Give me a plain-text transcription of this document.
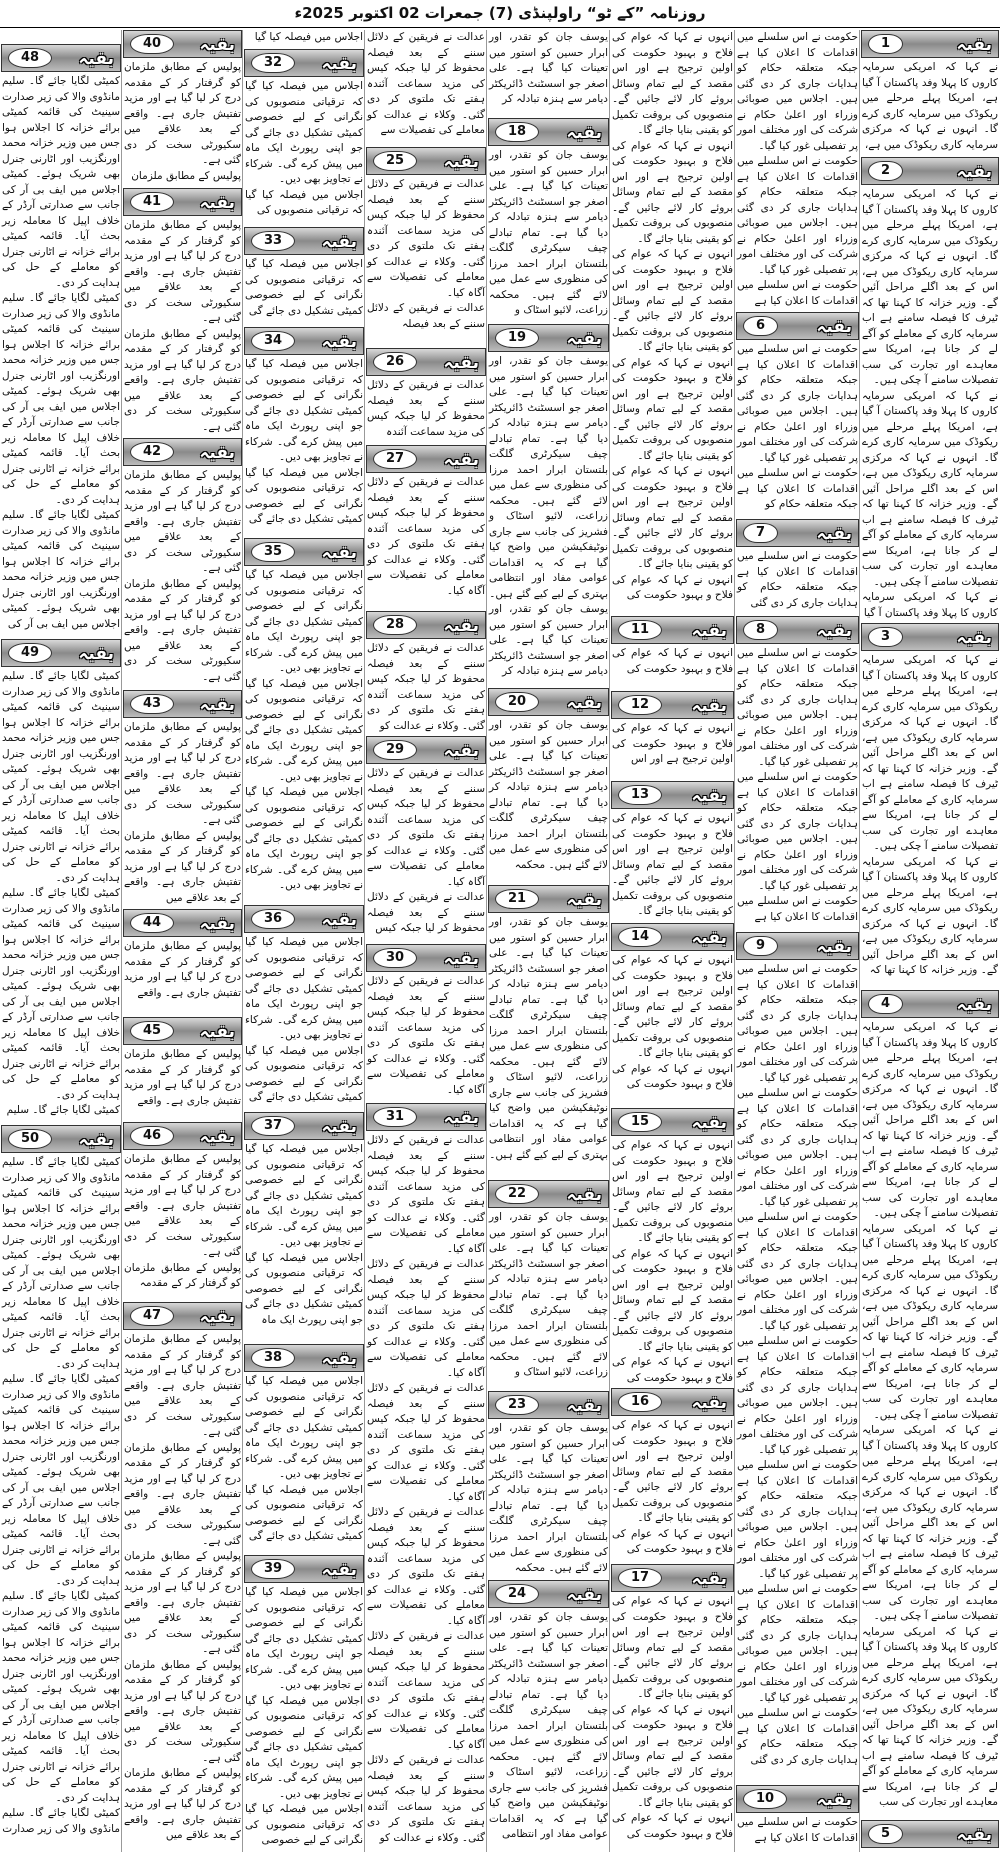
روزنامہ ”کے ٹو“ راولپنڈی (7) جمعرات 02 اکتوبر 2025ء

نے کہا کہ امریکی سرمایہ کاروں کا پہلا وفد پاکستان آ گیا ہے، امریکا پہلے مرحلے میں ریکوڈک میں سرمایہ کاری کرے گا۔ انہوں نے کہا کہ مرکزی سرمایہ کاری ریکوڈک میں ہے،

نے کہا کہ امریکی سرمایہ کاروں کا پہلا وفد پاکستان آ گیا ہے، امریکا پہلے مرحلے میں ریکوڈک میں سرمایہ کاری کرے گا۔ انہوں نے کہا کہ مرکزی سرمایہ کاری ریکوڈک میں ہے، اس کے بعد اگلے مراحل آئیں گے۔ وزیر خزانہ کا کہنا تھا کہ ٹیرف کا فیصلہ سامنے ہے اب سرمایہ کاری کے معاملے کو آگے لے کر جانا ہے، امریکا سے معاہدے اور تجارت کی سب تفصیلات سامنے آ چکی ہیں۔

نے کہا کہ امریکی سرمایہ کاروں کا پہلا وفد پاکستان آ گیا ہے، امریکا پہلے مرحلے میں ریکوڈک میں سرمایہ کاری کرے گا۔ انہوں نے کہا کہ مرکزی سرمایہ کاری ریکوڈک میں ہے، اس کے بعد اگلے مراحل آئیں گے۔ وزیر خزانہ کا کہنا تھا کہ ٹیرف کا فیصلہ سامنے ہے اب سرمایہ کاری کے معاملے کو آگے لے کر جانا ہے، امریکا سے معاہدے اور تجارت کی سب تفصیلات سامنے آ چکی ہیں۔

نے کہا کہ امریکی سرمایہ کاروں کا پہلا وفد پاکستان آ گیا

نے کہا کہ امریکی سرمایہ کاروں کا پہلا وفد پاکستان آ گیا ہے، امریکا پہلے مرحلے میں ریکوڈک میں سرمایہ کاری کرے گا۔ انہوں نے کہا کہ مرکزی سرمایہ کاری ریکوڈک میں ہے، اس کے بعد اگلے مراحل آئیں گے۔ وزیر خزانہ کا کہنا تھا کہ ٹیرف کا فیصلہ سامنے ہے اب سرمایہ کاری کے معاملے کو آگے لے کر جانا ہے، امریکا سے معاہدے اور تجارت کی سب تفصیلات سامنے آ چکی ہیں۔

نے کہا کہ امریکی سرمایہ کاروں کا پہلا وفد پاکستان آ گیا ہے، امریکا پہلے مرحلے میں ریکوڈک میں سرمایہ کاری کرے گا۔ انہوں نے کہا کہ مرکزی سرمایہ کاری ریکوڈک میں ہے، اس کے بعد اگلے مراحل آئیں گے۔ وزیر خزانہ کا کہنا تھا کہ

نے کہا کہ امریکی سرمایہ کاروں کا پہلا وفد پاکستان آ گیا ہے، امریکا پہلے مرحلے میں ریکوڈک میں سرمایہ کاری کرے گا۔ انہوں نے کہا کہ مرکزی سرمایہ کاری ریکوڈک میں ہے، اس کے بعد اگلے مراحل آئیں گے۔ وزیر خزانہ کا کہنا تھا کہ ٹیرف کا فیصلہ سامنے ہے اب سرمایہ کاری کے معاملے کو آگے لے کر جانا ہے، امریکا سے معاہدے اور تجارت کی سب تفصیلات سامنے آ چکی ہیں۔

نے کہا کہ امریکی سرمایہ کاروں کا پہلا وفد پاکستان آ گیا ہے، امریکا پہلے مرحلے میں ریکوڈک میں سرمایہ کاری کرے گا۔ انہوں نے کہا کہ مرکزی سرمایہ کاری ریکوڈک میں ہے، اس کے بعد اگلے مراحل آئیں گے۔ وزیر خزانہ کا کہنا تھا کہ ٹیرف کا فیصلہ سامنے ہے اب سرمایہ کاری کے معاملے کو آگے لے کر جانا ہے، امریکا سے معاہدے اور تجارت کی سب تفصیلات سامنے آ چکی ہیں۔

نے کہا کہ امریکی سرمایہ کاروں کا پہلا وفد پاکستان آ گیا ہے، امریکا پہلے مرحلے میں ریکوڈک میں سرمایہ کاری کرے گا۔ انہوں نے کہا کہ مرکزی سرمایہ کاری ریکوڈک میں ہے، اس کے بعد اگلے مراحل آئیں گے۔ وزیر خزانہ کا کہنا تھا کہ ٹیرف کا فیصلہ سامنے ہے اب سرمایہ کاری کے معاملے کو آگے لے کر جانا ہے، امریکا سے معاہدے اور تجارت کی سب تفصیلات سامنے آ چکی ہیں۔

نے کہا کہ امریکی سرمایہ کاروں کا پہلا وفد پاکستان آ گیا ہے، امریکا پہلے مرحلے میں ریکوڈک میں سرمایہ کاری کرے گا۔ انہوں نے کہا کہ مرکزی سرمایہ کاری ریکوڈک میں ہے، اس کے بعد اگلے مراحل آئیں گے۔ وزیر خزانہ کا کہنا تھا کہ ٹیرف کا فیصلہ سامنے ہے اب سرمایہ کاری کے معاملے کو آگے لے کر جانا ہے، امریکا سے معاہدے اور تجارت کی سب

بقیہ
1
بقیہ
2
بقیہ
3
بقیہ
4
بقیہ
5

حکومت نے اس سلسلے میں اقدامات کا اعلان کیا ہے جبکہ متعلقہ حکام کو ہدایات جاری کر دی گئی ہیں۔ اجلاس میں صوبائی وزراء اور اعلیٰ حکام نے شرکت کی اور مختلف امور پر تفصیلی غور کیا گیا۔

حکومت نے اس سلسلے میں اقدامات کا اعلان کیا ہے جبکہ متعلقہ حکام کو ہدایات جاری کر دی گئی ہیں۔ اجلاس میں صوبائی وزراء اور اعلیٰ حکام نے شرکت کی اور مختلف امور پر تفصیلی غور کیا گیا۔

حکومت نے اس سلسلے میں اقدامات کا اعلان کیا ہے

حکومت نے اس سلسلے میں اقدامات کا اعلان کیا ہے جبکہ متعلقہ حکام کو ہدایات جاری کر دی گئی ہیں۔ اجلاس میں صوبائی وزراء اور اعلیٰ حکام نے شرکت کی اور مختلف امور پر تفصیلی غور کیا گیا۔

حکومت نے اس سلسلے میں اقدامات کا اعلان کیا ہے جبکہ متعلقہ حکام کو

حکومت نے اس سلسلے میں اقدامات کا اعلان کیا ہے جبکہ متعلقہ حکام کو ہدایات جاری کر دی گئی

حکومت نے اس سلسلے میں اقدامات کا اعلان کیا ہے جبکہ متعلقہ حکام کو ہدایات جاری کر دی گئی ہیں۔ اجلاس میں صوبائی وزراء اور اعلیٰ حکام نے شرکت کی اور مختلف امور پر تفصیلی غور کیا گیا۔

حکومت نے اس سلسلے میں اقدامات کا اعلان کیا ہے جبکہ متعلقہ حکام کو ہدایات جاری کر دی گئی ہیں۔ اجلاس میں صوبائی وزراء اور اعلیٰ حکام نے شرکت کی اور مختلف امور پر تفصیلی غور کیا گیا۔

حکومت نے اس سلسلے میں اقدامات کا اعلان کیا ہے

حکومت نے اس سلسلے میں اقدامات کا اعلان کیا ہے جبکہ متعلقہ حکام کو ہدایات جاری کر دی گئی ہیں۔ اجلاس میں صوبائی وزراء اور اعلیٰ حکام نے شرکت کی اور مختلف امور پر تفصیلی غور کیا گیا۔

حکومت نے اس سلسلے میں اقدامات کا اعلان کیا ہے جبکہ متعلقہ حکام کو ہدایات جاری کر دی گئی ہیں۔ اجلاس میں صوبائی وزراء اور اعلیٰ حکام نے شرکت کی اور مختلف امور پر تفصیلی غور کیا گیا۔

حکومت نے اس سلسلے میں اقدامات کا اعلان کیا ہے جبکہ متعلقہ حکام کو ہدایات جاری کر دی گئی ہیں۔ اجلاس میں صوبائی وزراء اور اعلیٰ حکام نے شرکت کی اور مختلف امور پر تفصیلی غور کیا گیا۔

حکومت نے اس سلسلے میں اقدامات کا اعلان کیا ہے جبکہ متعلقہ حکام کو ہدایات جاری کر دی گئی ہیں۔ اجلاس میں صوبائی وزراء اور اعلیٰ حکام نے شرکت کی اور مختلف امور پر تفصیلی غور کیا گیا۔

حکومت نے اس سلسلے میں اقدامات کا اعلان کیا ہے جبکہ متعلقہ حکام کو ہدایات جاری کر دی گئی ہیں۔ اجلاس میں صوبائی وزراء اور اعلیٰ حکام نے شرکت کی اور مختلف امور پر تفصیلی غور کیا گیا۔

حکومت نے اس سلسلے میں اقدامات کا اعلان کیا ہے جبکہ متعلقہ حکام کو ہدایات جاری کر دی گئی ہیں۔ اجلاس میں صوبائی وزراء اور اعلیٰ حکام نے شرکت کی اور مختلف امور پر تفصیلی غور کیا گیا۔

حکومت نے اس سلسلے میں اقدامات کا اعلان کیا ہے جبکہ متعلقہ حکام کو ہدایات جاری کر دی گئی

حکومت نے اس سلسلے میں اقدامات کا اعلان کیا ہے

بقیہ
6
بقیہ
7
بقیہ
8
بقیہ
9
بقیہ
10

انہوں نے کہا کہ عوام کی فلاح و بہبود حکومت کی اولین ترجیح ہے اور اس مقصد کے لیے تمام وسائل بروئے کار لائے جائیں گے۔ منصوبوں کی بروقت تکمیل کو یقینی بنایا جائے گا۔

انہوں نے کہا کہ عوام کی فلاح و بہبود حکومت کی اولین ترجیح ہے اور اس مقصد کے لیے تمام وسائل بروئے کار لائے جائیں گے۔ منصوبوں کی بروقت تکمیل کو یقینی بنایا جائے گا۔

انہوں نے کہا کہ عوام کی فلاح و بہبود حکومت کی اولین ترجیح ہے اور اس مقصد کے لیے تمام وسائل بروئے کار لائے جائیں گے۔ منصوبوں کی بروقت تکمیل کو یقینی بنایا جائے گا۔

انہوں نے کہا کہ عوام کی فلاح و بہبود حکومت کی اولین ترجیح ہے اور اس مقصد کے لیے تمام وسائل بروئے کار لائے جائیں گے۔ منصوبوں کی بروقت تکمیل کو یقینی بنایا جائے گا۔

انہوں نے کہا کہ عوام کی فلاح و بہبود حکومت کی اولین ترجیح ہے اور اس مقصد کے لیے تمام وسائل بروئے کار لائے جائیں گے۔ منصوبوں کی بروقت تکمیل کو یقینی بنایا جائے گا۔

انہوں نے کہا کہ عوام کی فلاح و بہبود حکومت کی

انہوں نے کہا کہ عوام کی فلاح و بہبود حکومت کی

انہوں نے کہا کہ عوام کی فلاح و بہبود حکومت کی اولین ترجیح ہے اور اس

انہوں نے کہا کہ عوام کی فلاح و بہبود حکومت کی اولین ترجیح ہے اور اس مقصد کے لیے تمام وسائل بروئے کار لائے جائیں گے۔ منصوبوں کی بروقت تکمیل کو یقینی بنایا جائے گا۔

انہوں نے کہا کہ عوام کی فلاح و بہبود حکومت کی اولین ترجیح ہے اور اس مقصد کے لیے تمام وسائل بروئے کار لائے جائیں گے۔ منصوبوں کی بروقت تکمیل کو یقینی بنایا جائے گا۔

انہوں نے کہا کہ عوام کی فلاح و بہبود حکومت کی

انہوں نے کہا کہ عوام کی فلاح و بہبود حکومت کی اولین ترجیح ہے اور اس مقصد کے لیے تمام وسائل بروئے کار لائے جائیں گے۔ منصوبوں کی بروقت تکمیل کو یقینی بنایا جائے گا۔

انہوں نے کہا کہ عوام کی فلاح و بہبود حکومت کی اولین ترجیح ہے اور اس مقصد کے لیے تمام وسائل بروئے کار لائے جائیں گے۔ منصوبوں کی بروقت تکمیل کو یقینی بنایا جائے گا۔

انہوں نے کہا کہ عوام کی فلاح و بہبود حکومت کی

انہوں نے کہا کہ عوام کی فلاح و بہبود حکومت کی اولین ترجیح ہے اور اس مقصد کے لیے تمام وسائل بروئے کار لائے جائیں گے۔ منصوبوں کی بروقت تکمیل کو یقینی بنایا جائے گا۔

انہوں نے کہا کہ عوام کی فلاح و بہبود حکومت کی

انہوں نے کہا کہ عوام کی فلاح و بہبود حکومت کی اولین ترجیح ہے اور اس مقصد کے لیے تمام وسائل بروئے کار لائے جائیں گے۔ منصوبوں کی بروقت تکمیل کو یقینی بنایا جائے گا۔

انہوں نے کہا کہ عوام کی فلاح و بہبود حکومت کی اولین ترجیح ہے اور اس مقصد کے لیے تمام وسائل بروئے کار لائے جائیں گے۔ منصوبوں کی بروقت تکمیل کو یقینی بنایا جائے گا۔

انہوں نے کہا کہ عوام کی فلاح و بہبود حکومت کی

بقیہ
11
بقیہ
12
بقیہ
13
بقیہ
14
بقیہ
15
بقیہ
16
بقیہ
17

یوسف جان کو تقدر، اور ابرار حسین کو استور میں تعینات کیا گیا ہے۔ علی اصغر جو اسسٹنٹ ڈائریکٹر دیامر سے ہنزہ تبادلہ کر

یوسف جان کو تقدر، اور ابرار حسین کو استور میں تعینات کیا گیا ہے۔ علی اصغر جو اسسٹنٹ ڈائریکٹر دیامر سے ہنزہ تبادلہ کر دیا گیا ہے۔ تمام تبادلے چیف سیکرٹری گلگت بلتستان ابرار احمد مرزا کی منظوری سے عمل میں لائے گئے ہیں۔ محکمہ زراعت، لائیو اسٹاک و

یوسف جان کو تقدر، اور ابرار حسین کو استور میں تعینات کیا گیا ہے۔ علی اصغر جو اسسٹنٹ ڈائریکٹر دیامر سے ہنزہ تبادلہ کر دیا گیا ہے۔ تمام تبادلے چیف سیکرٹری گلگت بلتستان ابرار احمد مرزا کی منظوری سے عمل میں لائے گئے ہیں۔ محکمہ زراعت، لائیو اسٹاک و فشریز کی جانب سے جاری نوٹیفکیشن میں واضح کیا گیا ہے کہ یہ اقدامات عوامی مفاد اور انتظامی بہتری کے لیے کیے گئے ہیں۔

یوسف جان کو تقدر، اور ابرار حسین کو استور میں تعینات کیا گیا ہے۔ علی اصغر جو اسسٹنٹ ڈائریکٹر دیامر سے ہنزہ تبادلہ کر

یوسف جان کو تقدر، اور ابرار حسین کو استور میں تعینات کیا گیا ہے۔ علی اصغر جو اسسٹنٹ ڈائریکٹر دیامر سے ہنزہ تبادلہ کر دیا گیا ہے۔ تمام تبادلے چیف سیکرٹری گلگت بلتستان ابرار احمد مرزا کی منظوری سے عمل میں لائے گئے ہیں۔ محکمہ

یوسف جان کو تقدر، اور ابرار حسین کو استور میں تعینات کیا گیا ہے۔ علی اصغر جو اسسٹنٹ ڈائریکٹر دیامر سے ہنزہ تبادلہ کر دیا گیا ہے۔ تمام تبادلے چیف سیکرٹری گلگت بلتستان ابرار احمد مرزا کی منظوری سے عمل میں لائے گئے ہیں۔ محکمہ زراعت، لائیو اسٹاک و فشریز کی جانب سے جاری نوٹیفکیشن میں واضح کیا گیا ہے کہ یہ اقدامات عوامی مفاد اور انتظامی بہتری کے لیے کیے گئے ہیں۔

یوسف جان کو تقدر، اور ابرار حسین کو استور میں تعینات کیا گیا ہے۔ علی اصغر جو اسسٹنٹ ڈائریکٹر دیامر سے ہنزہ تبادلہ کر دیا گیا ہے۔ تمام تبادلے چیف سیکرٹری گلگت بلتستان ابرار احمد مرزا کی منظوری سے عمل میں لائے گئے ہیں۔ محکمہ زراعت، لائیو اسٹاک و

یوسف جان کو تقدر، اور ابرار حسین کو استور میں تعینات کیا گیا ہے۔ علی اصغر جو اسسٹنٹ ڈائریکٹر دیامر سے ہنزہ تبادلہ کر دیا گیا ہے۔ تمام تبادلے چیف سیکرٹری گلگت بلتستان ابرار احمد مرزا کی منظوری سے عمل میں لائے گئے ہیں۔ محکمہ

یوسف جان کو تقدر، اور ابرار حسین کو استور میں تعینات کیا گیا ہے۔ علی اصغر جو اسسٹنٹ ڈائریکٹر دیامر سے ہنزہ تبادلہ کر دیا گیا ہے۔ تمام تبادلے چیف سیکرٹری گلگت بلتستان ابرار احمد مرزا کی منظوری سے عمل میں لائے گئے ہیں۔ محکمہ زراعت، لائیو اسٹاک و فشریز کی جانب سے جاری نوٹیفکیشن میں واضح کیا گیا ہے کہ یہ اقدامات عوامی مفاد اور انتظامی

بقیہ
18
بقیہ
19
بقیہ
20
بقیہ
21
بقیہ
22
بقیہ
23
بقیہ
24

عدالت نے فریقین کے دلائل سننے کے بعد فیصلہ محفوظ کر لیا جبکہ کیس کی مزید سماعت آئندہ ہفتے تک ملتوی کر دی گئی۔ وکلاء نے عدالت کو معاملے کی تفصیلات سے

عدالت نے فریقین کے دلائل سننے کے بعد فیصلہ محفوظ کر لیا جبکہ کیس کی مزید سماعت آئندہ ہفتے تک ملتوی کر دی گئی۔ وکلاء نے عدالت کو معاملے کی تفصیلات سے آگاہ کیا۔

عدالت نے فریقین کے دلائل سننے کے بعد فیصلہ

عدالت نے فریقین کے دلائل سننے کے بعد فیصلہ محفوظ کر لیا جبکہ کیس کی مزید سماعت آئندہ

عدالت نے فریقین کے دلائل سننے کے بعد فیصلہ محفوظ کر لیا جبکہ کیس کی مزید سماعت آئندہ ہفتے تک ملتوی کر دی گئی۔ وکلاء نے عدالت کو معاملے کی تفصیلات سے آگاہ کیا۔

عدالت نے فریقین کے دلائل سننے کے بعد فیصلہ محفوظ کر لیا جبکہ کیس کی مزید سماعت آئندہ ہفتے تک ملتوی کر دی گئی۔ وکلاء نے عدالت کو

عدالت نے فریقین کے دلائل سننے کے بعد فیصلہ محفوظ کر لیا جبکہ کیس کی مزید سماعت آئندہ ہفتے تک ملتوی کر دی گئی۔ وکلاء نے عدالت کو معاملے کی تفصیلات سے آگاہ کیا۔

عدالت نے فریقین کے دلائل سننے کے بعد فیصلہ محفوظ کر لیا جبکہ کیس

عدالت نے فریقین کے دلائل سننے کے بعد فیصلہ محفوظ کر لیا جبکہ کیس کی مزید سماعت آئندہ ہفتے تک ملتوی کر دی گئی۔ وکلاء نے عدالت کو معاملے کی تفصیلات سے آگاہ کیا۔

عدالت نے فریقین کے دلائل سننے کے بعد فیصلہ محفوظ کر لیا جبکہ کیس کی مزید سماعت آئندہ ہفتے تک ملتوی کر دی گئی۔ وکلاء نے عدالت کو معاملے کی تفصیلات سے آگاہ کیا۔

عدالت نے فریقین کے دلائل سننے کے بعد فیصلہ محفوظ کر لیا جبکہ کیس کی مزید سماعت آئندہ ہفتے تک ملتوی کر دی گئی۔ وکلاء نے عدالت کو معاملے کی تفصیلات سے آگاہ کیا۔

عدالت نے فریقین کے دلائل سننے کے بعد فیصلہ محفوظ کر لیا جبکہ کیس کی مزید سماعت آئندہ ہفتے تک ملتوی کر دی گئی۔ وکلاء نے عدالت کو معاملے کی تفصیلات سے آگاہ کیا۔

عدالت نے فریقین کے دلائل سننے کے بعد فیصلہ محفوظ کر لیا جبکہ کیس کی مزید سماعت آئندہ ہفتے تک ملتوی کر دی گئی۔ وکلاء نے عدالت کو معاملے کی تفصیلات سے آگاہ کیا۔

عدالت نے فریقین کے دلائل سننے کے بعد فیصلہ محفوظ کر لیا جبکہ کیس کی مزید سماعت آئندہ ہفتے تک ملتوی کر دی گئی۔ وکلاء نے عدالت کو معاملے کی تفصیلات سے آگاہ کیا۔

عدالت نے فریقین کے دلائل سننے کے بعد فیصلہ محفوظ کر لیا جبکہ کیس کی مزید سماعت آئندہ ہفتے تک ملتوی کر دی گئی۔ وکلاء نے عدالت کو

بقیہ
25
بقیہ
26
بقیہ
27
بقیہ
28
بقیہ
29
بقیہ
30
بقیہ
31

اجلاس میں فیصلہ کیا گیا

اجلاس میں فیصلہ کیا گیا کہ ترقیاتی منصوبوں کی نگرانی کے لیے خصوصی کمیٹی تشکیل دی جائے گی جو اپنی رپورٹ ایک ماہ میں پیش کرے گی۔ شرکاء نے تجاویز بھی دیں۔

اجلاس میں فیصلہ کیا گیا کہ ترقیاتی منصوبوں کی

اجلاس میں فیصلہ کیا گیا کہ ترقیاتی منصوبوں کی نگرانی کے لیے خصوصی کمیٹی تشکیل دی جائے گی

اجلاس میں فیصلہ کیا گیا کہ ترقیاتی منصوبوں کی نگرانی کے لیے خصوصی کمیٹی تشکیل دی جائے گی جو اپنی رپورٹ ایک ماہ میں پیش کرے گی۔ شرکاء نے تجاویز بھی دیں۔

اجلاس میں فیصلہ کیا گیا کہ ترقیاتی منصوبوں کی نگرانی کے لیے خصوصی کمیٹی تشکیل دی جائے گی

اجلاس میں فیصلہ کیا گیا کہ ترقیاتی منصوبوں کی نگرانی کے لیے خصوصی کمیٹی تشکیل دی جائے گی جو اپنی رپورٹ ایک ماہ میں پیش کرے گی۔ شرکاء نے تجاویز بھی دیں۔

اجلاس میں فیصلہ کیا گیا کہ ترقیاتی منصوبوں کی نگرانی کے لیے خصوصی کمیٹی تشکیل دی جائے گی جو اپنی رپورٹ ایک ماہ میں پیش کرے گی۔ شرکاء نے تجاویز بھی دیں۔

اجلاس میں فیصلہ کیا گیا کہ ترقیاتی منصوبوں کی نگرانی کے لیے خصوصی کمیٹی تشکیل دی جائے گی جو اپنی رپورٹ ایک ماہ میں پیش کرے گی۔ شرکاء نے تجاویز بھی دیں۔

اجلاس میں فیصلہ کیا گیا کہ ترقیاتی منصوبوں کی نگرانی کے لیے خصوصی کمیٹی تشکیل دی جائے گی جو اپنی رپورٹ ایک ماہ میں پیش کرے گی۔ شرکاء نے تجاویز بھی دیں۔

اجلاس میں فیصلہ کیا گیا کہ ترقیاتی منصوبوں کی نگرانی کے لیے خصوصی کمیٹی تشکیل دی جائے گی

اجلاس میں فیصلہ کیا گیا کہ ترقیاتی منصوبوں کی نگرانی کے لیے خصوصی کمیٹی تشکیل دی جائے گی جو اپنی رپورٹ ایک ماہ میں پیش کرے گی۔ شرکاء نے تجاویز بھی دیں۔

اجلاس میں فیصلہ کیا گیا کہ ترقیاتی منصوبوں کی نگرانی کے لیے خصوصی کمیٹی تشکیل دی جائے گی جو اپنی رپورٹ ایک ماہ

اجلاس میں فیصلہ کیا گیا کہ ترقیاتی منصوبوں کی نگرانی کے لیے خصوصی کمیٹی تشکیل دی جائے گی جو اپنی رپورٹ ایک ماہ میں پیش کرے گی۔ شرکاء نے تجاویز بھی دیں۔

اجلاس میں فیصلہ کیا گیا کہ ترقیاتی منصوبوں کی نگرانی کے لیے خصوصی کمیٹی تشکیل دی جائے گی

اجلاس میں فیصلہ کیا گیا کہ ترقیاتی منصوبوں کی نگرانی کے لیے خصوصی کمیٹی تشکیل دی جائے گی جو اپنی رپورٹ ایک ماہ میں پیش کرے گی۔ شرکاء نے تجاویز بھی دیں۔

اجلاس میں فیصلہ کیا گیا کہ ترقیاتی منصوبوں کی نگرانی کے لیے خصوصی کمیٹی تشکیل دی جائے گی جو اپنی رپورٹ ایک ماہ میں پیش کرے گی۔ شرکاء نے تجاویز بھی دیں۔

اجلاس میں فیصلہ کیا گیا کہ ترقیاتی منصوبوں کی نگرانی کے لیے خصوصی

بقیہ
32
بقیہ
33
بقیہ
34
بقیہ
35
بقیہ
36
بقیہ
37
بقیہ
38
بقیہ
39

پولیس کے مطابق ملزمان کو گرفتار کر کے مقدمہ درج کر لیا گیا ہے اور مزید تفتیش جاری ہے۔ واقعے کے بعد علاقے میں سکیورٹی سخت کر دی گئی ہے۔

پولیس کے مطابق ملزمان

پولیس کے مطابق ملزمان کو گرفتار کر کے مقدمہ درج کر لیا گیا ہے اور مزید تفتیش جاری ہے۔ واقعے کے بعد علاقے میں سکیورٹی سخت کر دی گئی ہے۔

پولیس کے مطابق ملزمان کو گرفتار کر کے مقدمہ درج کر لیا گیا ہے اور مزید تفتیش جاری ہے۔ واقعے کے بعد علاقے میں سکیورٹی سخت کر دی گئی ہے۔

پولیس کے مطابق ملزمان کو گرفتار کر کے مقدمہ درج کر لیا گیا ہے اور مزید تفتیش جاری ہے۔ واقعے کے بعد علاقے میں سکیورٹی سخت کر دی گئی ہے۔

پولیس کے مطابق ملزمان کو گرفتار کر کے مقدمہ درج کر لیا گیا ہے اور مزید تفتیش جاری ہے۔ واقعے کے بعد علاقے میں سکیورٹی سخت کر دی گئی ہے۔

پولیس کے مطابق ملزمان کو گرفتار کر کے مقدمہ درج کر لیا گیا ہے اور مزید تفتیش جاری ہے۔ واقعے کے بعد علاقے میں سکیورٹی سخت کر دی گئی ہے۔

پولیس کے مطابق ملزمان کو گرفتار کر کے مقدمہ درج کر لیا گیا ہے اور مزید تفتیش جاری ہے۔ واقعے کے بعد علاقے میں

پولیس کے مطابق ملزمان کو گرفتار کر کے مقدمہ درج کر لیا گیا ہے اور مزید تفتیش جاری ہے۔ واقعے

پولیس کے مطابق ملزمان کو گرفتار کر کے مقدمہ درج کر لیا گیا ہے اور مزید تفتیش جاری ہے۔ واقعے

پولیس کے مطابق ملزمان کو گرفتار کر کے مقدمہ درج کر لیا گیا ہے اور مزید تفتیش جاری ہے۔ واقعے کے بعد علاقے میں سکیورٹی سخت کر دی گئی ہے۔

پولیس کے مطابق ملزمان کو گرفتار کر کے مقدمہ

پولیس کے مطابق ملزمان کو گرفتار کر کے مقدمہ درج کر لیا گیا ہے اور مزید تفتیش جاری ہے۔ واقعے کے بعد علاقے میں سکیورٹی سخت کر دی گئی ہے۔

پولیس کے مطابق ملزمان کو گرفتار کر کے مقدمہ درج کر لیا گیا ہے اور مزید تفتیش جاری ہے۔ واقعے کے بعد علاقے میں سکیورٹی سخت کر دی گئی ہے۔

پولیس کے مطابق ملزمان کو گرفتار کر کے مقدمہ درج کر لیا گیا ہے اور مزید تفتیش جاری ہے۔ واقعے کے بعد علاقے میں سکیورٹی سخت کر دی گئی ہے۔

پولیس کے مطابق ملزمان کو گرفتار کر کے مقدمہ درج کر لیا گیا ہے اور مزید تفتیش جاری ہے۔ واقعے کے بعد علاقے میں سکیورٹی سخت کر دی گئی ہے۔

پولیس کے مطابق ملزمان کو گرفتار کر کے مقدمہ درج کر لیا گیا ہے اور مزید تفتیش جاری ہے۔ واقعے کے بعد علاقے میں

بقیہ
40
بقیہ
41
بقیہ
42
بقیہ
43
بقیہ
44
بقیہ
45
بقیہ
46
بقیہ
47

کمیٹی لگایا جائے گا۔ سلیم مانڈوی والا کی زیر صدارت سینیٹ کی قائمہ کمیٹی برائے خزانہ کا اجلاس ہوا جس میں وزیر خزانہ محمد اورنگزیب اور اٹارنی جنرل بھی شریک ہوئے۔ کمیٹی اجلاس میں ایف بی آر کی جانب سے صدارتی آرڈر کے خلاف اپیل کا معاملہ زیر بحث آیا۔ قائمہ کمیٹی برائے خزانہ نے اٹارنی جنرل کو معاملے کے حل کی ہدایت کر دی۔

کمیٹی لگایا جائے گا۔ سلیم مانڈوی والا کی زیر صدارت سینیٹ کی قائمہ کمیٹی برائے خزانہ کا اجلاس ہوا جس میں وزیر خزانہ محمد اورنگزیب اور اٹارنی جنرل بھی شریک ہوئے۔ کمیٹی اجلاس میں ایف بی آر کی جانب سے صدارتی آرڈر کے خلاف اپیل کا معاملہ زیر بحث آیا۔ قائمہ کمیٹی برائے خزانہ نے اٹارنی جنرل کو معاملے کے حل کی ہدایت کر دی۔

کمیٹی لگایا جائے گا۔ سلیم مانڈوی والا کی زیر صدارت سینیٹ کی قائمہ کمیٹی برائے خزانہ کا اجلاس ہوا جس میں وزیر خزانہ محمد اورنگزیب اور اٹارنی جنرل بھی شریک ہوئے۔ کمیٹی اجلاس میں ایف بی آر کی

کمیٹی لگایا جائے گا۔ سلیم مانڈوی والا کی زیر صدارت سینیٹ کی قائمہ کمیٹی برائے خزانہ کا اجلاس ہوا جس میں وزیر خزانہ محمد اورنگزیب اور اٹارنی جنرل بھی شریک ہوئے۔ کمیٹی اجلاس میں ایف بی آر کی جانب سے صدارتی آرڈر کے خلاف اپیل کا معاملہ زیر بحث آیا۔ قائمہ کمیٹی برائے خزانہ نے اٹارنی جنرل کو معاملے کے حل کی ہدایت کر دی۔

کمیٹی لگایا جائے گا۔ سلیم مانڈوی والا کی زیر صدارت سینیٹ کی قائمہ کمیٹی برائے خزانہ کا اجلاس ہوا جس میں وزیر خزانہ محمد اورنگزیب اور اٹارنی جنرل بھی شریک ہوئے۔ کمیٹی اجلاس میں ایف بی آر کی جانب سے صدارتی آرڈر کے خلاف اپیل کا معاملہ زیر بحث آیا۔ قائمہ کمیٹی برائے خزانہ نے اٹارنی جنرل کو معاملے کے حل کی ہدایت کر دی۔

کمیٹی لگایا جائے گا۔ سلیم

کمیٹی لگایا جائے گا۔ سلیم مانڈوی والا کی زیر صدارت سینیٹ کی قائمہ کمیٹی برائے خزانہ کا اجلاس ہوا جس میں وزیر خزانہ محمد اورنگزیب اور اٹارنی جنرل بھی شریک ہوئے۔ کمیٹی اجلاس میں ایف بی آر کی جانب سے صدارتی آرڈر کے خلاف اپیل کا معاملہ زیر بحث آیا۔ قائمہ کمیٹی برائے خزانہ نے اٹارنی جنرل کو معاملے کے حل کی ہدایت کر دی۔

کمیٹی لگایا جائے گا۔ سلیم مانڈوی والا کی زیر صدارت سینیٹ کی قائمہ کمیٹی برائے خزانہ کا اجلاس ہوا جس میں وزیر خزانہ محمد اورنگزیب اور اٹارنی جنرل بھی شریک ہوئے۔ کمیٹی اجلاس میں ایف بی آر کی جانب سے صدارتی آرڈر کے خلاف اپیل کا معاملہ زیر بحث آیا۔ قائمہ کمیٹی برائے خزانہ نے اٹارنی جنرل کو معاملے کے حل کی ہدایت کر دی۔

کمیٹی لگایا جائے گا۔ سلیم مانڈوی والا کی زیر صدارت سینیٹ کی قائمہ کمیٹی برائے خزانہ کا اجلاس ہوا جس میں وزیر خزانہ محمد اورنگزیب اور اٹارنی جنرل بھی شریک ہوئے۔ کمیٹی اجلاس میں ایف بی آر کی جانب سے صدارتی آرڈر کے خلاف اپیل کا معاملہ زیر بحث آیا۔ قائمہ کمیٹی برائے خزانہ نے اٹارنی جنرل کو معاملے کے حل کی ہدایت کر دی۔

کمیٹی لگایا جائے گا۔ سلیم مانڈوی والا کی زیر صدارت

بقیہ
48
بقیہ
49
بقیہ
50
